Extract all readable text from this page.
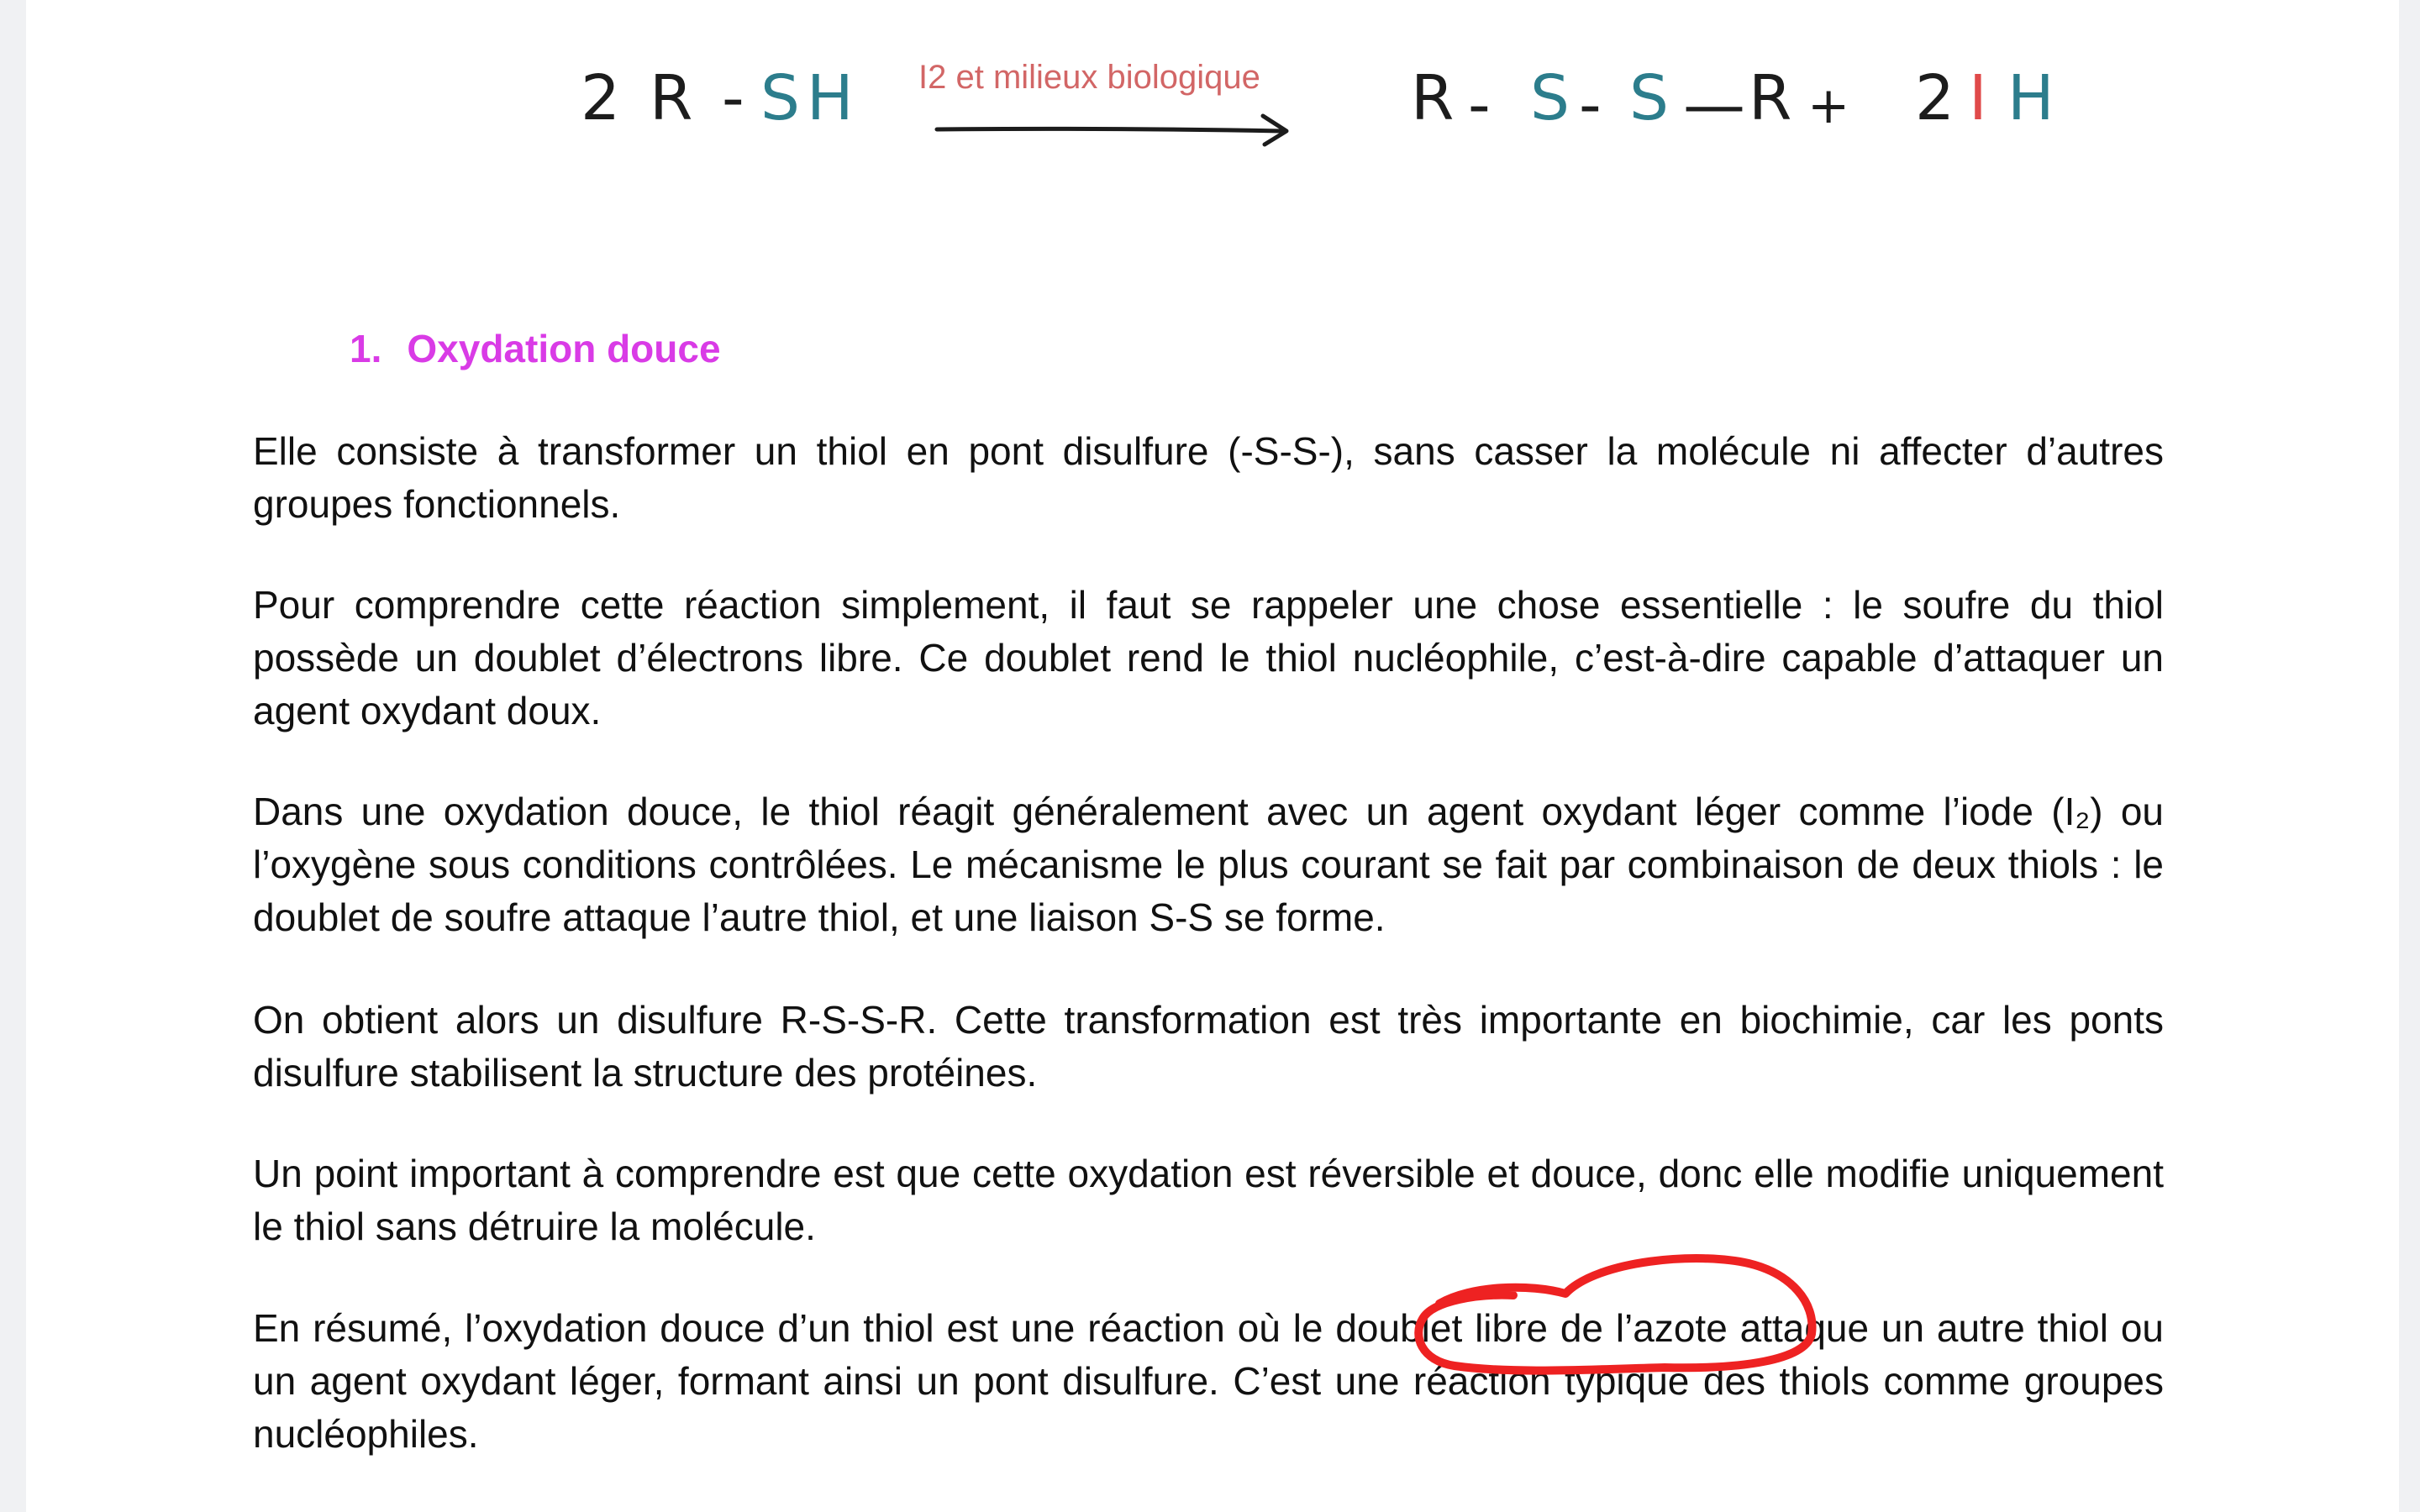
2 R - SH I2 et milieux biologique R - S - S —
R + 2 I H
1. Oxydation douce

Elle consiste à transformer un thiol en pont disulfure (-S-S-), sans casser la molécule ni affecter d’autres groupes fonctionnels.

Pour comprendre cette réaction simplement, il faut se rappeler une chose essentielle : le soufre du thiol possède un doublet d’électrons libre. Ce doublet rend le thiol nucléophile, c’est-à-dire capable d’attaquer un agent oxydant doux.

Dans une oxydation douce, le thiol réagit généralement avec un agent oxydant léger comme l’iode (I₂) ou l’oxygène sous conditions contrôlées. Le mécanisme le plus courant se fait par combinaison de deux thiols : le doublet de soufre attaque l’autre thiol, et une liaison S-S se forme.

On obtient alors un disulfure R-S-S-R. Cette transformation est très importante en biochimie, car les ponts disulfure stabilisent la structure des protéines.

Un point important à comprendre est que cette oxydation est réversible et douce, donc elle modifie uniquement le thiol sans détruire la molécule.

En résumé, l’oxydation douce d’un thiol est une réaction où le doublet libre de l’azote attaque un autre thiol ou un agent oxydant léger, formant ainsi un pont disulfure. C’est une réaction typique des thiols comme groupes nucléophiles.
